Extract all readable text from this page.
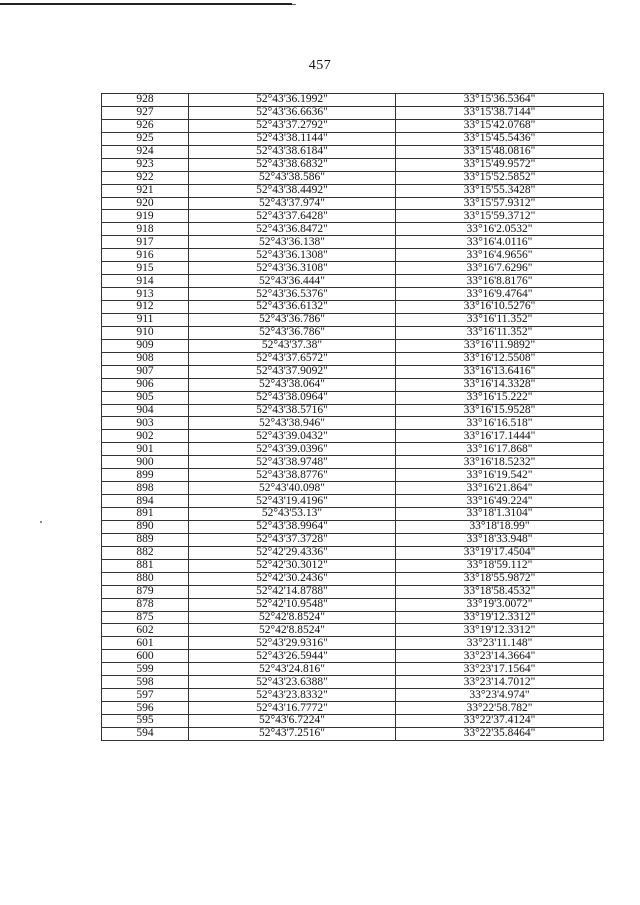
457
928	52°43'36.1992"	33°15'36.5364"
927	52°43'36.6636"	33°15'38.7144"
926	52°43'37.2792"	33°15'42.0768"
925	52°43'38.1144"	33°15'45.5436"
924	52°43'38.6184"	33°15'48.0816"
923	52°43'38.6832"	33°15'49.9572"
922	52°43'38.586"	33°15'52.5852"
921	52°43'38.4492"	33°15'55.3428"
920	52°43'37.974"	33°15'57.9312"
919	52°43'37.6428"	33°15'59.3712"
918	52°43'36.8472"	33°16'2.0532"
917	52°43'36.138"	33°16'4.0116"
916	52°43'36.1308"	33°16'4.9656"
915	52°43'36.3108"	33°16'7.6296"
914	52°43'36.444"	33°16'8.8176"
913	52°43'36.5376"	33°16'9.4764"
912	52°43'36.6132"	33°16'10.5276"
911	52°43'36.786"	33°16'11.352"
910	52°43'36.786"	33°16'11.352"
909	52°43'37.38"	33°16'11.9892"
908	52°43'37.6572"	33°16'12.5508"
907	52°43'37.9092"	33°16'13.6416"
906	52°43'38.064"	33°16'14.3328"
905	52°43'38.0964"	33°16'15.222"
904	52°43'38.5716"	33°16'15.9528"
903	52°43'38.946"	33°16'16.518"
902	52°43'39.0432"	33°16'17.1444"
901	52°43'39.0396"	33°16'17.868"
900	52°43'38.9748"	33°16'18.5232"
899	52°43'38.8776"	33°16'19.542"
898	52°43'40.098"	33°16'21.864"
894	52°43'19.4196"	33°16'49.224"
891	52°43'53.13"	33°18'1.3104"
890	52°43'38.9964"	33°18'18.99"
889	52°43'37.3728"	33°18'33.948"
882	52°42'29.4336"	33°19'17.4504"
881	52°42'30.3012"	33°18'59.112"
880	52°42'30.2436"	33°18'55.9872"
879	52°42'14.8788"	33°18'58.4532"
878	52°42'10.9548"	33°19'3.0072"
875	52°42'8.8524"	33°19'12.3312"
602	52°42'8.8524"	33°19'12.3312"
601	52°43'29.9316"	33°23'11.148"
600	52°43'26.5944"	33°23'14.3664"
599	52°43'24.816"	33°23'17.1564"
598	52°43'23.6388"	33°23'14.7012"
597	52°43'23.8332"	33°23'4.974"
596	52°43'16.7772"	33°22'58.782"
595	52°43'6.7224"	33°22'37.4124"
594	52°43'7.2516"	33°22'35.8464"
